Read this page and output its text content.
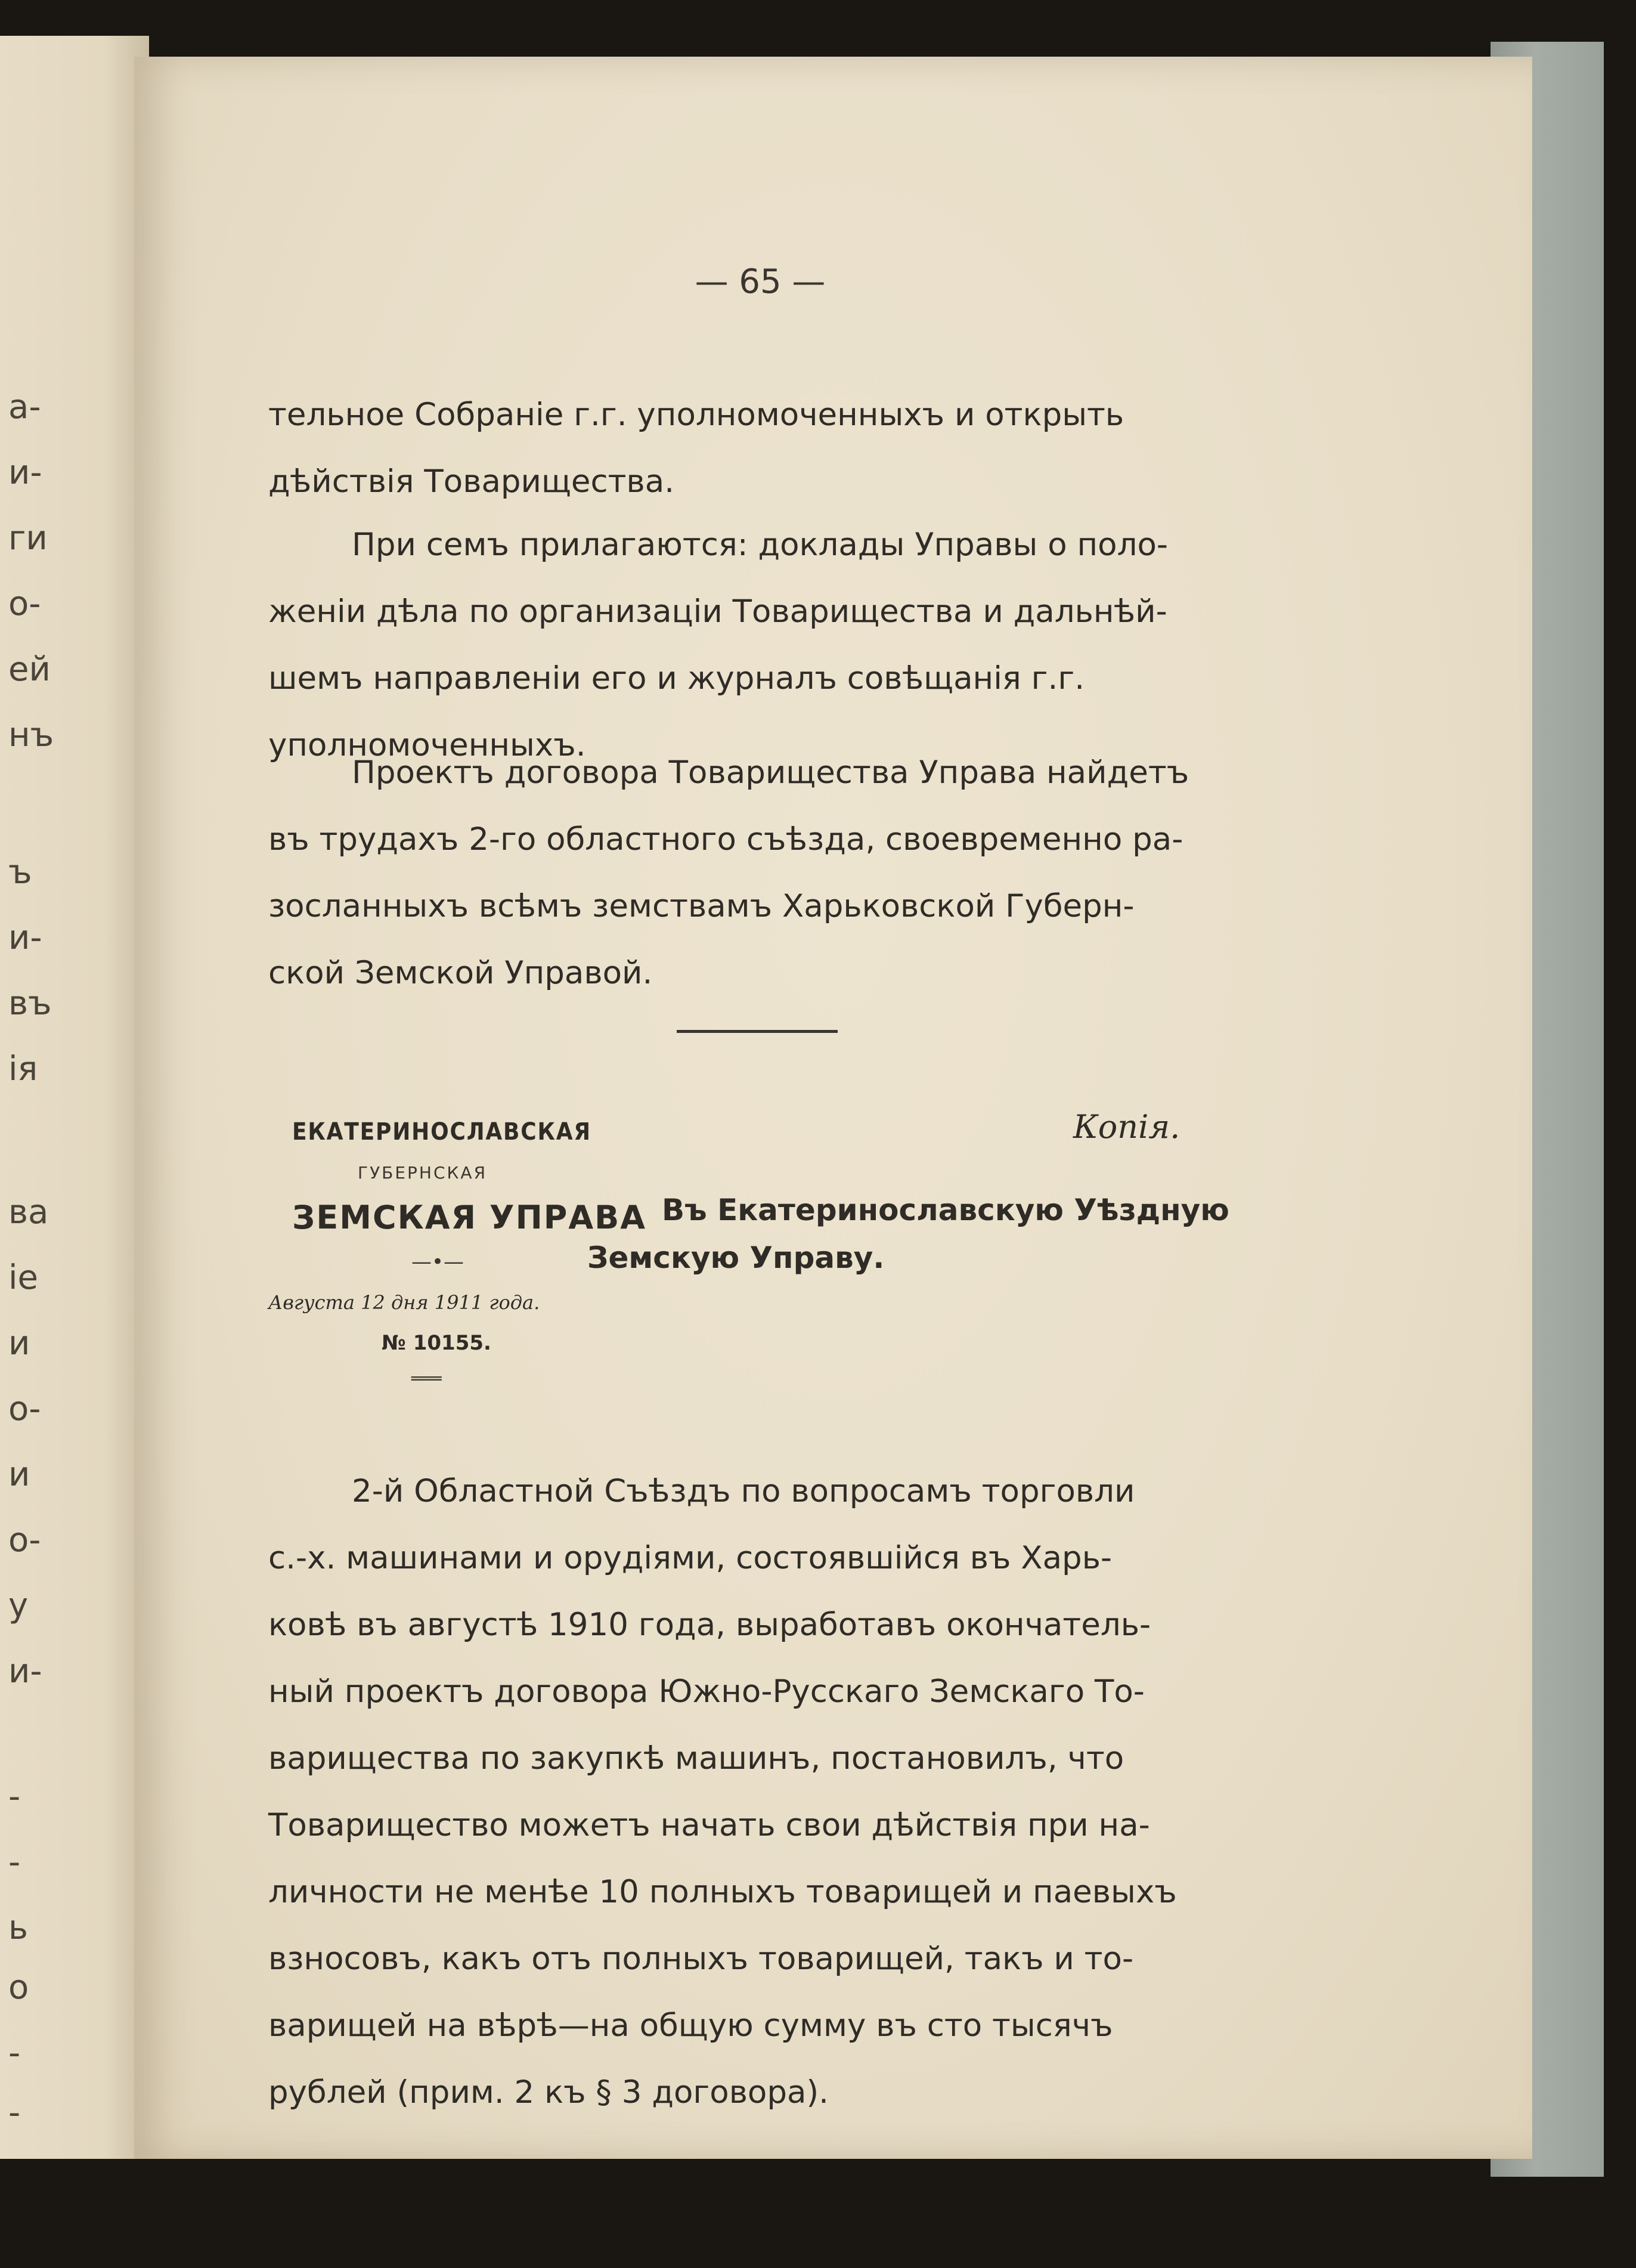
а-
и-
ги
о-
ей
нъ
ъ
и-
въ
ія
ва
іе
и
о-
и
о-
у
и-
-
-
ь
о
-
-
— 65 —
тельное Собраніе г.г. уполномоченныхъ и открыть
дѣйствія Товарищества.
При семъ прилагаются: доклады Управы о поло-
женіи дѣла по организаціи Товарищества и дальнѣй-
шемъ направленіи его и журналъ совѣщанія г.г.
уполномоченныхъ.
Проектъ договора Товарищества Управа найдетъ
въ трудахъ 2-го областного съѣзда, своевременно ра-
зосланныхъ всѣмъ земствамъ Харьковской Губерн-
ской Земской Управой.
ЕКАТЕРИНОСЛАВСКАЯ
ГУБЕРНСКАЯ
ЗЕМСКАЯ УПРАВА
—•—
Августа 12 дня 1911 года.
№ 10155.
═══
Копія.
Въ Екатеринославскую Уѣздную
Земскую Управу.
2-й Областной Съѣздъ по вопросамъ торговли
с.-х. машинами и орудіями, состоявшійся въ Харь-
ковѣ въ августѣ 1910 года, выработавъ окончатель-
ный проектъ договора Южно-Русскаго Земскаго То-
варищества по закупкѣ машинъ, постановилъ, что
Товарищество можетъ начать свои дѣйствія при на-
личности не менѣе 10 полныхъ товарищей и паевыхъ
взносовъ, какъ отъ полныхъ товарищей, такъ и то-
варищей на вѣрѣ—на общую сумму въ сто тысячъ
рублей (прим. 2 къ § 3 договора).
